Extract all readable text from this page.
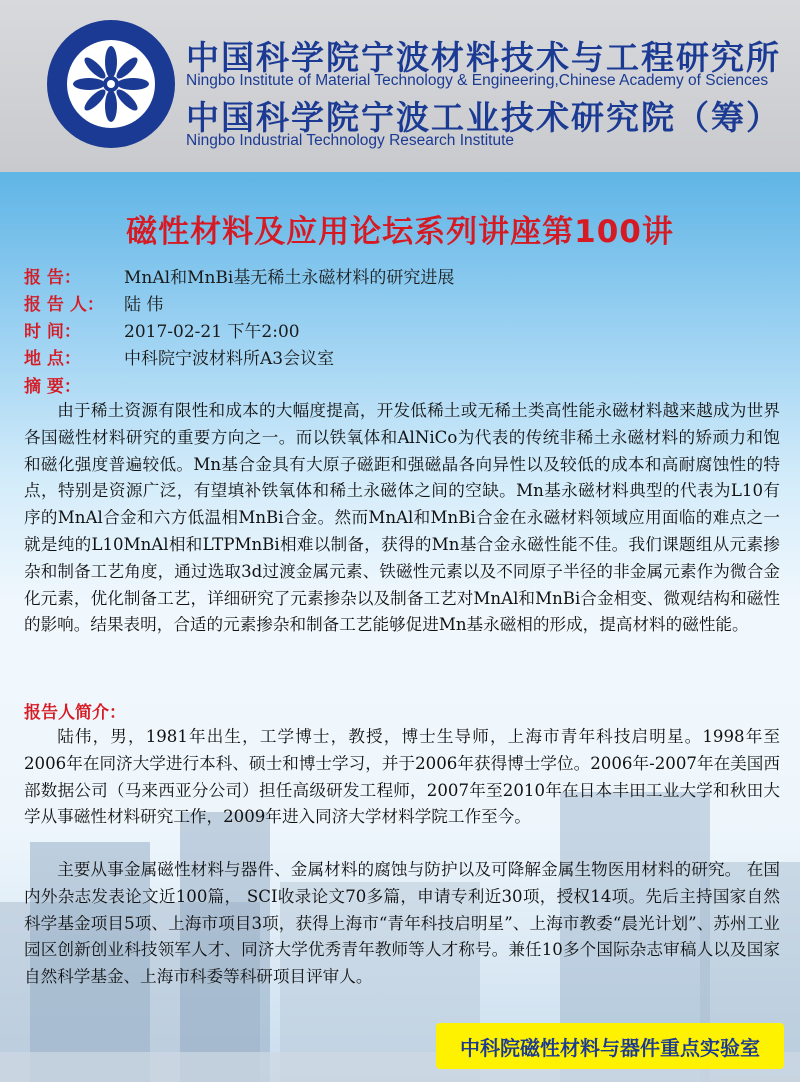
中国科学院宁波材料技术与工程研究所
Ningbo Institute of Material Technology & Engineering,Chinese Academy of Sciences
中国科学院宁波工业技术研究院（筹）
Ningbo Industrial Technology Research Institute
磁性材料及应用论坛系列讲座第100讲
报 告：	MnAl和MnBi基无稀土永磁材料的研究进展
报 告 人： 陆 伟
时 间：	2017-02-21 下午2:00
地 点：	中科院宁波材料所A3会议室
摘 要：
由于稀土资源有限性和成本的大幅度提高，开发低稀土或无稀土类高性能永磁材料越来越成为世界各国磁性材料研究的重要方向之一。而以铁氧体和AlNiCo为代表的传统非稀土永磁材料的矫顽力和饱和磁化强度普遍较低。Mn基合金具有大原子磁距和强磁晶各向异性以及较低的成本和高耐腐蚀性的特点，特别是资源广泛，有望填补铁氧体和稀土永磁体之间的空缺。Mn基永磁材料典型的代表为L10有序的MnAl合金和六方低温相MnBi合金。然而MnAl和MnBi合金在永磁材料领域应用面临的难点之一就是纯的L10MnAl相和LTPMnBi相难以制备，获得的Mn基合金永磁性能不佳。我们课题组从元素掺杂和制备工艺角度，通过选取3d过渡金属元素、铁磁性元素以及不同原子半径的非金属元素作为微合金化元素，优化制备工艺，详细研究了元素掺杂以及制备工艺对MnAl和MnBi合金相变、微观结构和磁性的影响。结果表明，合适的元素掺杂和制备工艺能够促进Mn基永磁相的形成，提高材料的磁性能。
报告人简介：
陆伟，男，1981年出生，工学博士，教授，博士生导师，上海市青年科技启明星。1998年至2006年在同济大学进行本科、硕士和博士学习，并于2006年获得博士学位。2006年-2007年在美国西部数据公司（马来西亚分公司）担任高级研发工程师，2007年至2010年在日本丰田工业大学和秋田大学从事磁性材料研究工作，2009年进入同济大学材料学院工作至今。
主要从事金属磁性材料与器件、金属材料的腐蚀与防护以及可降解金属生物医用材料的研究。 在国内外杂志发表论文近100篇， SCI收录论文70多篇，申请专利近30项，授权14项。先后主持国家自然科学基金项目5项、上海市项目3项，获得上海市“青年科技启明星”、上海市教委“晨光计划”、苏州工业园区创新创业科技领军人才、同济大学优秀青年教师等人才称号。兼任10多个国际杂志审稿人以及国家自然科学基金、上海市科委等科研项目评审人。
中科院磁性材料与器件重点实验室
